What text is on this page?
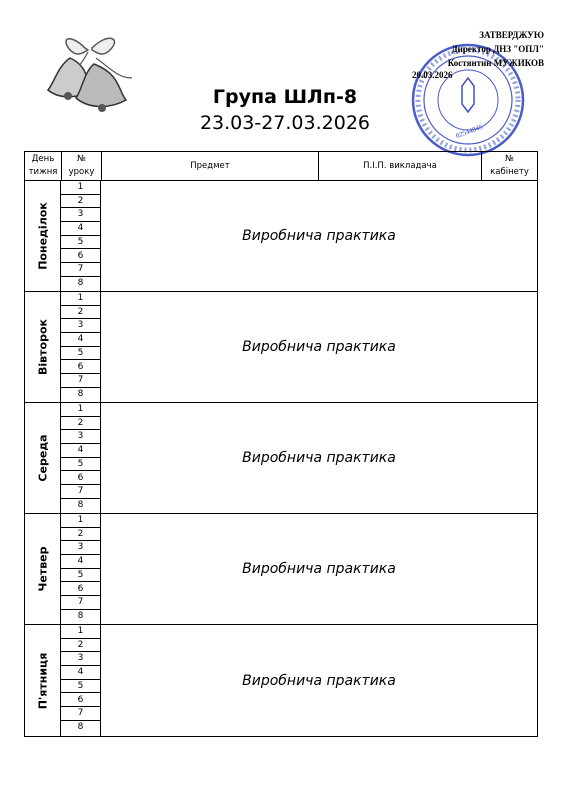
02544845
ЗАТВЕРДЖУЮ
Директор ДНЗ "ОПЛ"
Костянтин МУЖИКОВ
20.03.2026
Група ШЛп-8
23.03-27.03.2026
День тижня
№ уроку
Предмет	П.І.П. викладача
№ кабінету
Понеділок
1
2
3
4
5
6
7
8
Виробнича практика
Вівторок
1
2
3
4
5
6
7
8
Виробнича практика
Середа
1
2
3
4
5
6
7
8
Виробнича практика
Четвер
1
2
3
4
5
6
7
8
Виробнича практика
П'ятниця
1
2
3
4
5
6
7
8
Виробнича практика
